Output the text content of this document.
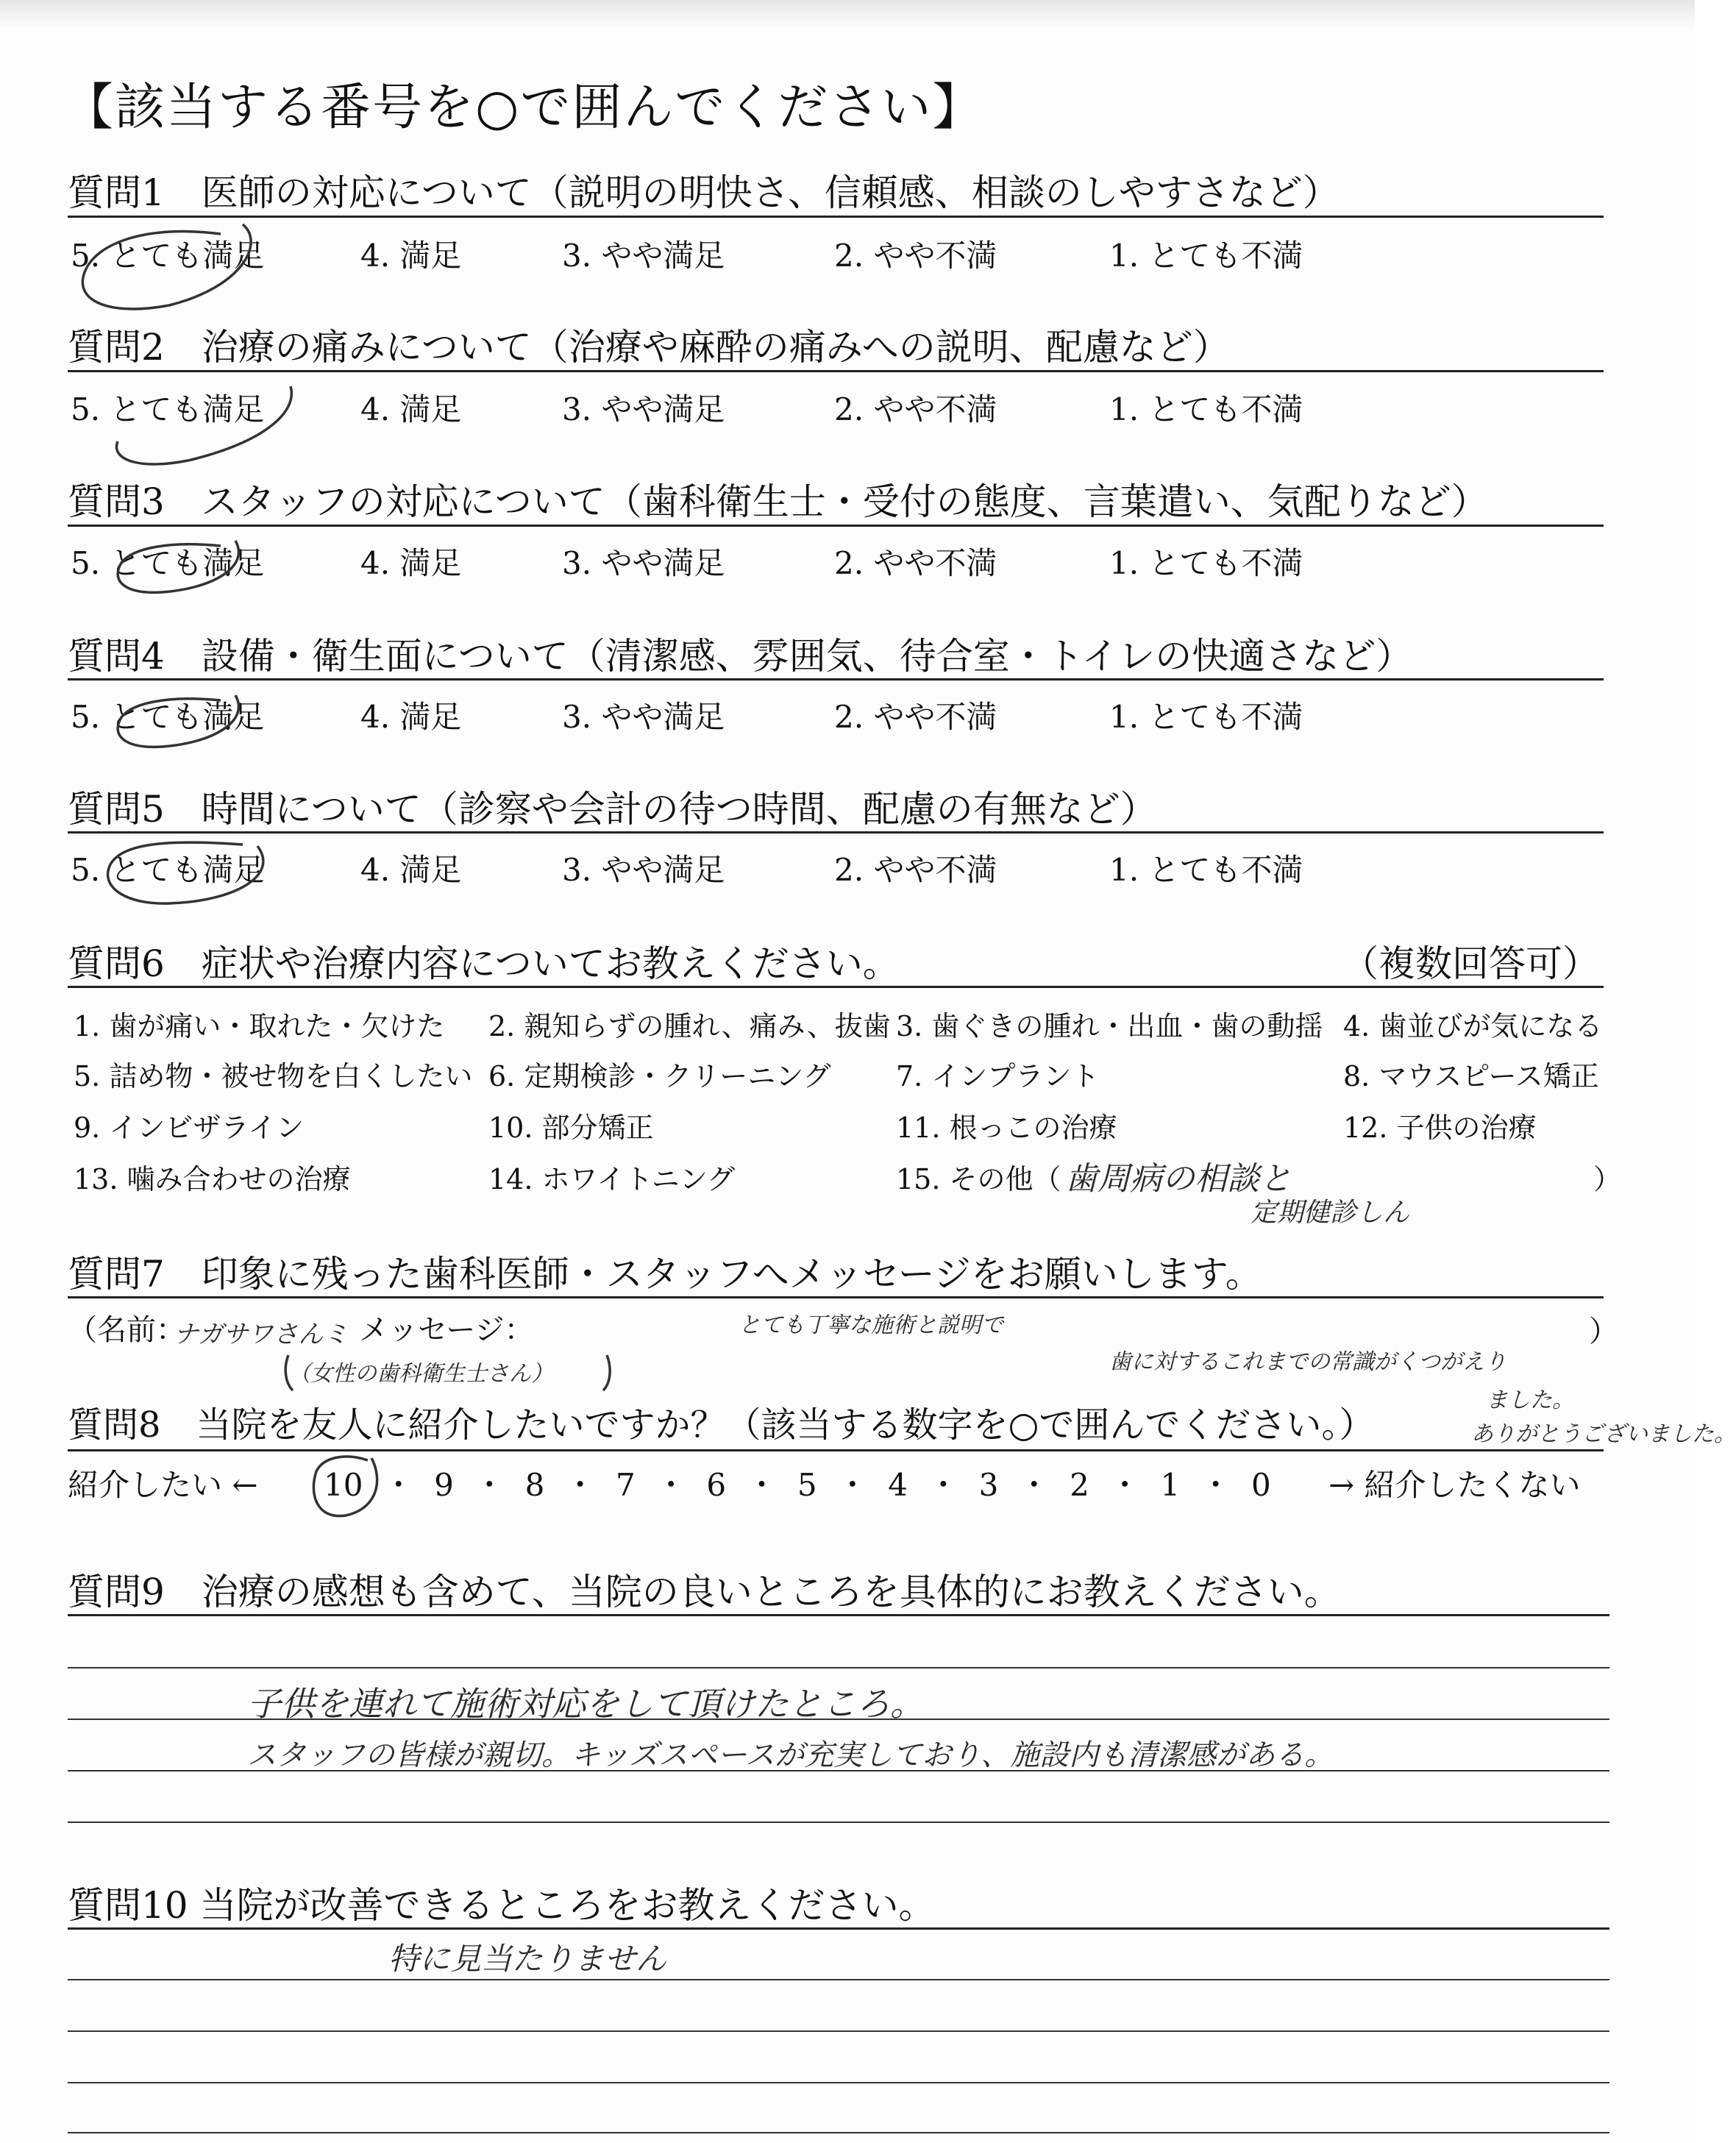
【該当する番号を○で囲んでください】
質問1　医師の対応について（説明の明快さ、信頼感、相談のしやすさなど）
5. とても満足	4. 満足	3. やや満足	2. やや不満	1. とても不満
質問2　治療の痛みについて（治療や麻酔の痛みへの説明、配慮など）
5. とても満足	4. 満足	3. やや満足	2. やや不満	1. とても不満
質問3　スタッフの対応について（歯科衛生士・受付の態度、言葉遣い、気配りなど）
5. とても満足	4. 満足	3. やや満足	2. やや不満	1. とても不満
質問4　設備・衛生面について（清潔感、雰囲気、待合室・トイレの快適さなど）
5. とても満足	4. 満足	3. やや満足	2. やや不満	1. とても不満
質問5　時間について（診察や会計の待つ時間、配慮の有無など）
5. とても満足	4. 満足	3. やや満足	2. やや不満	1. とても不満
質問6　症状や治療内容についてお教えください。	（複数回答可）
1. 歯が痛い・取れた・欠けた 2. 親知らずの腫れ、痛み、抜歯 3. 歯ぐきの腫れ・出血・歯の動揺 4. 歯並びが気になる
5. 詰め物・被せ物を白くしたい 6. 定期検診・クリーニング 7. インプラント	8. マウスピース矯正
9. インビザライン	10. 部分矯正	11. 根っこの治療	12. 子供の治療
13. 噛み合わせの治療	14. ホワイトニング	15. その他（	）
歯周病の相談と
定期健診しん
質問7　印象に残った歯科医師・スタッフへメッセージをお願いします。
（名前：
ナガサワさんミ メッセージ：
（女性の歯科衛生士さん）
とても丁寧な施術と説明で
歯に対するこれまでの常識がくつがえり
ました。
ありがとうございました。
）
質問8　当院を友人に紹介したいですか？（該当する数字を○で囲んでください。）
紹介したい ← 10 ・ 9 ・ 8 ・ 7 ・ 6 ・ 5 ・ 4 ・ 3 ・ 2 ・ 1 ・ 0 → 紹介したくない
質問9　治療の感想も含めて、当院の良いところを具体的にお教えください。
子供を連れて施術対応をして頂けたところ。
スタッフの皆様が親切。キッズスペースが充実しており、施設内も清潔感がある。
質問10 当院が改善できるところをお教えください。
特に見当たりません
